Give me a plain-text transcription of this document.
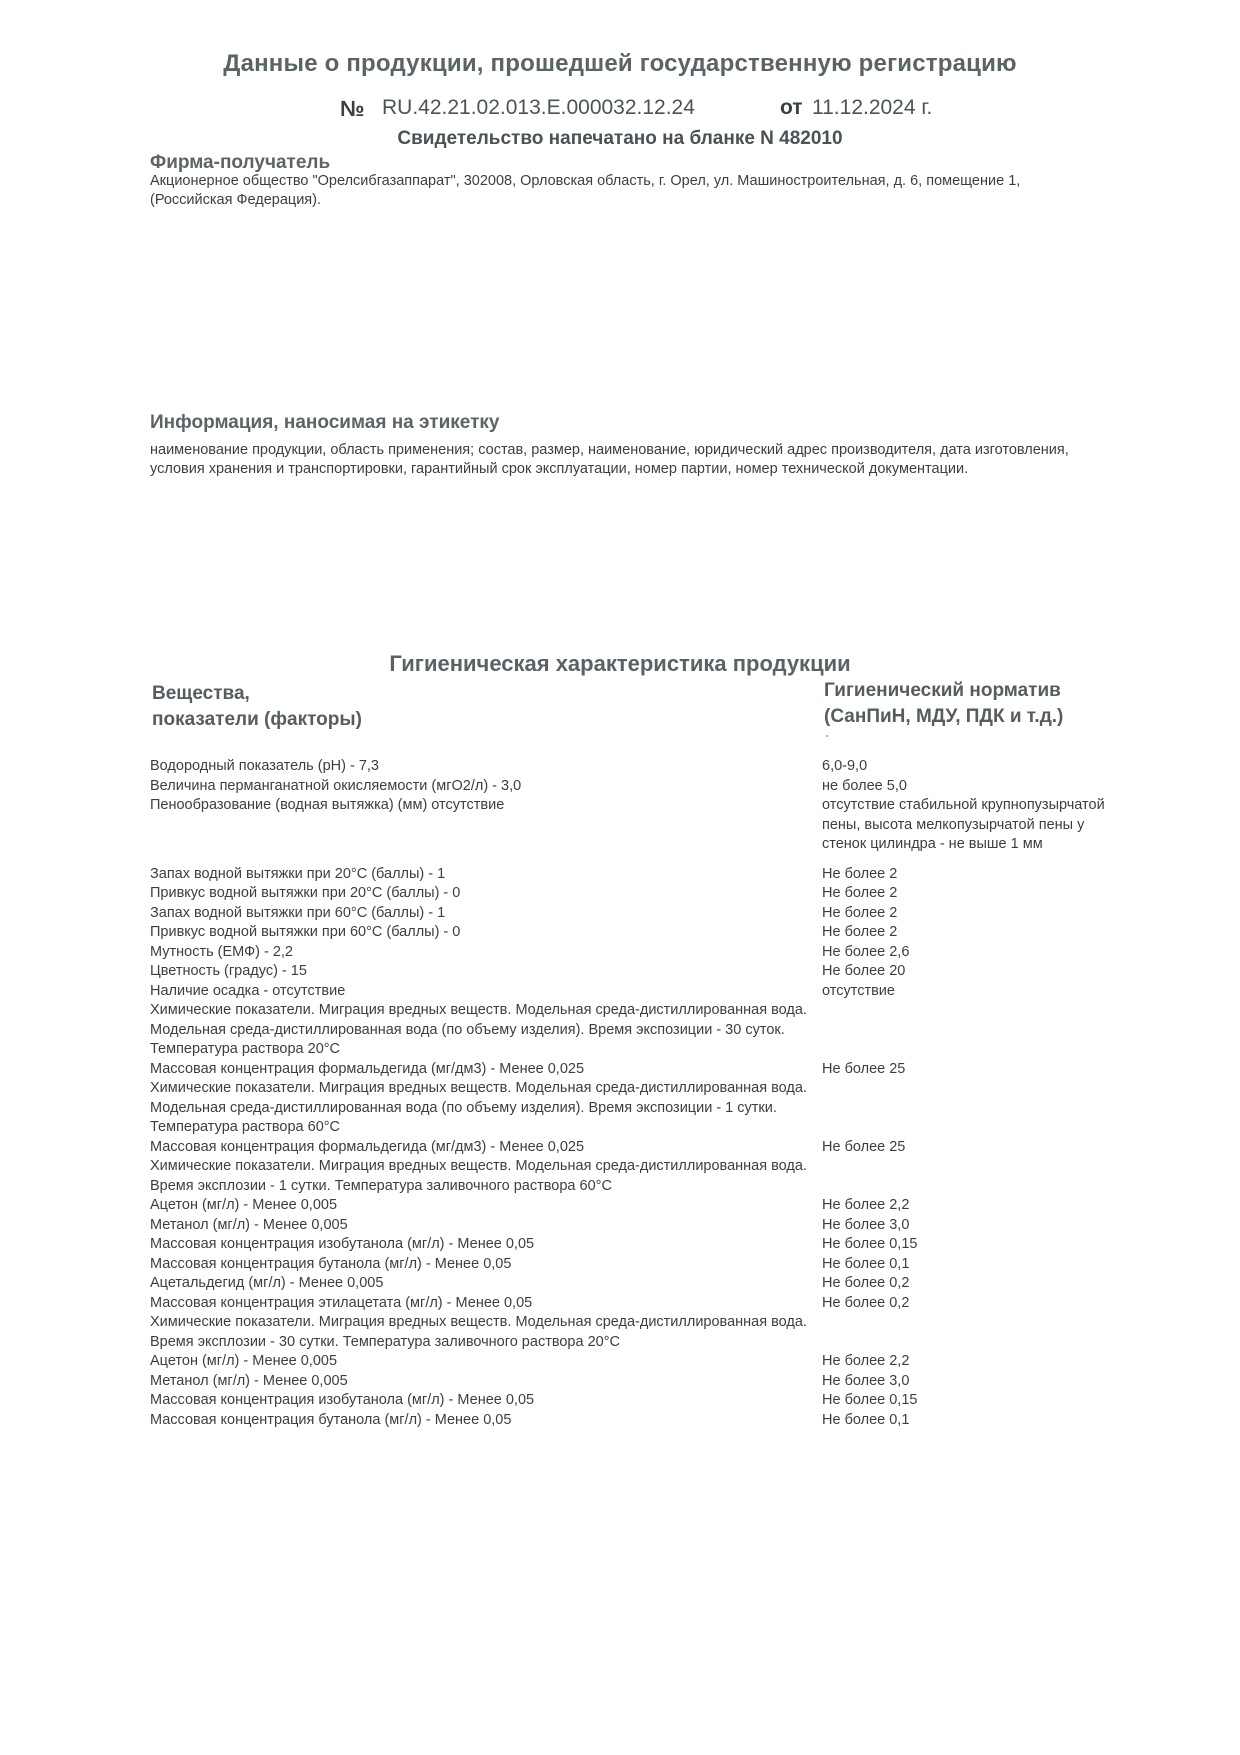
Данные о продукции, прошедшей государственную регистрацию
№ RU.42.21.02.013.E.000032.12.24	от 11.12.2024 г.
Свидетельство напечатано на бланке N 482010
Фирма-получатель
Акционерное общество "Орелсибгазаппарат", 302008, Орловская область, г. Орел, ул. Машиностроительная, д. 6, помещение 1, (Российская Федерация).
Информация, наносимая на этикетку
наименование продукции, область применения; состав, размер, наименование, юридический адрес производителя, дата изготовления, условия хранения и транспортировки, гарантийный срок эксплуатации, номер партии, номер технической документации.
Гигиеническая характеристика продукции
Вещества,
показатели (факторы)
Гигиенический норматив
(СанПиН, МДУ, ПДК и т.д.)
Водородный показатель (pH) - 7,3	6,0-9,0
Величина перманганатной окисляемости (мгО2/л) - 3,0	не более 5,0
Пенообразование (водная вытяжка) (мм) отсутствие	отсутствие стабильной крупнопузырчатой пены, высота мелкопузырчатой пены у стенок цилиндра - не выше 1 мм
Запах водной вытяжки при 20°С (баллы) - 1	Не более 2
Привкус водной вытяжки при 20°С (баллы) - 0	Не более 2
Запах водной вытяжки при 60°С (баллы) - 1	Не более 2
Привкус водной вытяжки при 60°С (баллы) - 0	Не более 2
Мутность (ЕМФ) - 2,2	Не более 2,6
Цветность (градус) - 15	Не более 20
Наличие осадка - отсутствие	отсутствие
Химические показатели. Миграция вредных веществ. Модельная среда-дистиллированная вода. Модельная среда-дистиллированная вода (по объему изделия). Время экспозиции - 30 суток. Температура раствора 20°С
Массовая концентрация формальдегида (мг/дм3) - Менее 0,025	Не более 25
Химические показатели. Миграция вредных веществ. Модельная среда-дистиллированная вода. Модельная среда-дистиллированная вода (по объему изделия). Время экспозиции - 1 сутки. Температура раствора 60°С
Массовая концентрация формальдегида (мг/дм3) - Менее 0,025	Не более 25
Химические показатели. Миграция вредных веществ. Модельная среда-дистиллированная вода. Время эксплозии - 1 сутки. Температура заливочного раствора 60°С
Ацетон (мг/л) - Менее 0,005	Не более 2,2
Метанол (мг/л) - Менее 0,005	Не более 3,0
Массовая концентрация изобутанола (мг/л) - Менее 0,05	Не более 0,15
Массовая концентрация бутанола (мг/л) - Менее 0,05	Не более 0,1
Ацетальдегид (мг/л) - Менее 0,005	Не более 0,2
Массовая концентрация этилацетата (мг/л) - Менее 0,05	Не более 0,2
Химические показатели. Миграция вредных веществ. Модельная среда-дистиллированная вода. Время эксплозии - 30 сутки. Температура заливочного раствора 20°С
Ацетон (мг/л) - Менее 0,005	Не более 2,2
Метанол (мг/л) - Менее 0,005	Не более 3,0
Массовая концентрация изобутанола (мг/л) - Менее 0,05	Не более 0,15
Массовая концентрация бутанола (мг/л) - Менее 0,05	Не более 0,1
